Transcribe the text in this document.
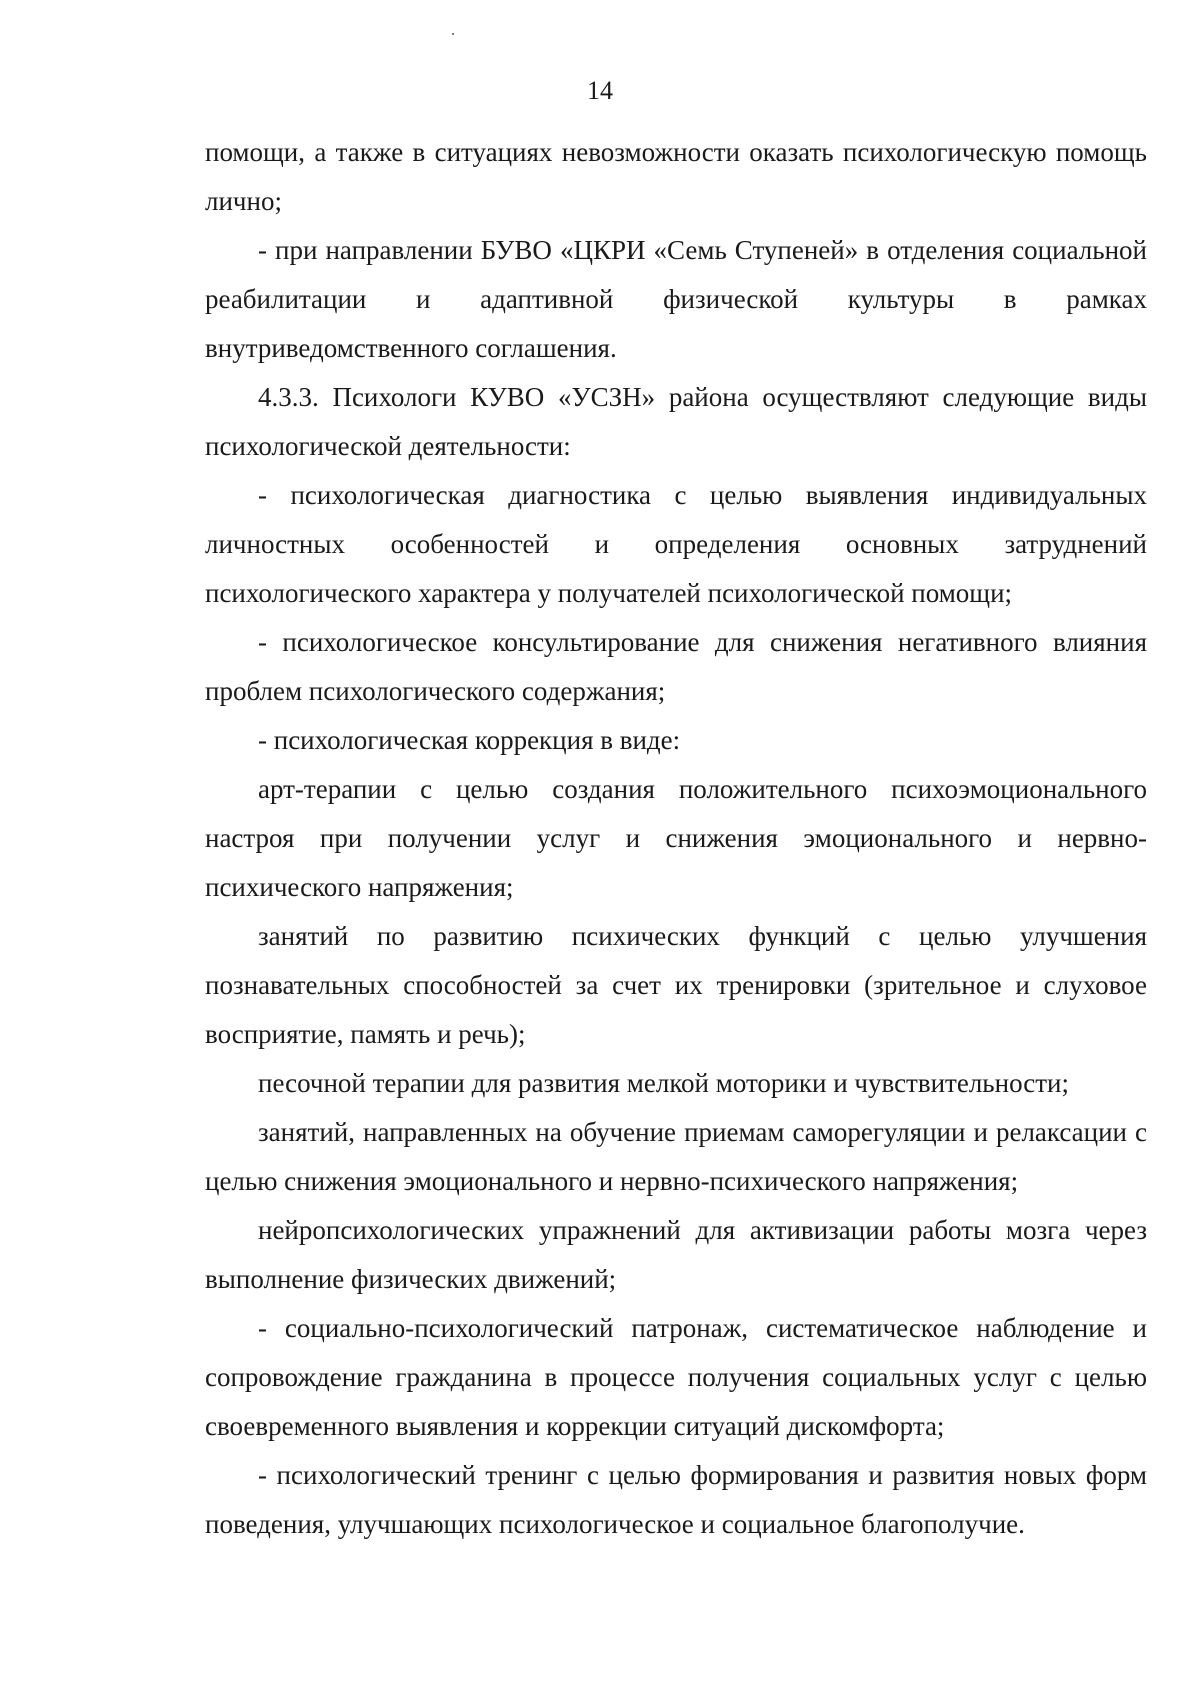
14

помощи, а также в ситуациях невозможности оказать психологическую помощь лично;

- при направлении БУВО «ЦКРИ «Семь Ступеней» в отделения социальной реабилитации и адаптивной физической культуры в рамках внутриведомственного соглашения.

4.3.3. Психологи КУВО «УСЗН» района осуществляют следующие виды психологической деятельности:

- психологическая диагностика с целью выявления индивидуальных личностных особенностей и определения основных затруднений психологического характера у получателей психологической помощи;

- психологическое консультирование для снижения негативного влияния проблем психологического содержания;

- психологическая коррекция в виде:

арт-терапии с целью создания положительного психоэмоционального настроя при получении услуг и снижения эмоционального и нервно-психического напряжения;

занятий по развитию психических функций с целью улучшения познавательных способностей за счет их тренировки (зрительное и слуховое восприятие, память и речь);

песочной терапии для развития мелкой моторики и чувствительности;

занятий, направленных на обучение приемам саморегуляции и релаксации с целью снижения эмоционального и нервно-психического напряжения;

нейропсихологических упражнений для активизации работы мозга через выполнение физических движений;

- социально-психологический патронаж, систематическое наблюдение и сопровождение гражданина в процессе получения социальных услуг с целью своевременного выявления и коррекции ситуаций дискомфорта;

- психологический тренинг с целью формирования и развития новых форм поведения, улучшающих психологическое и социальное благополучие.
